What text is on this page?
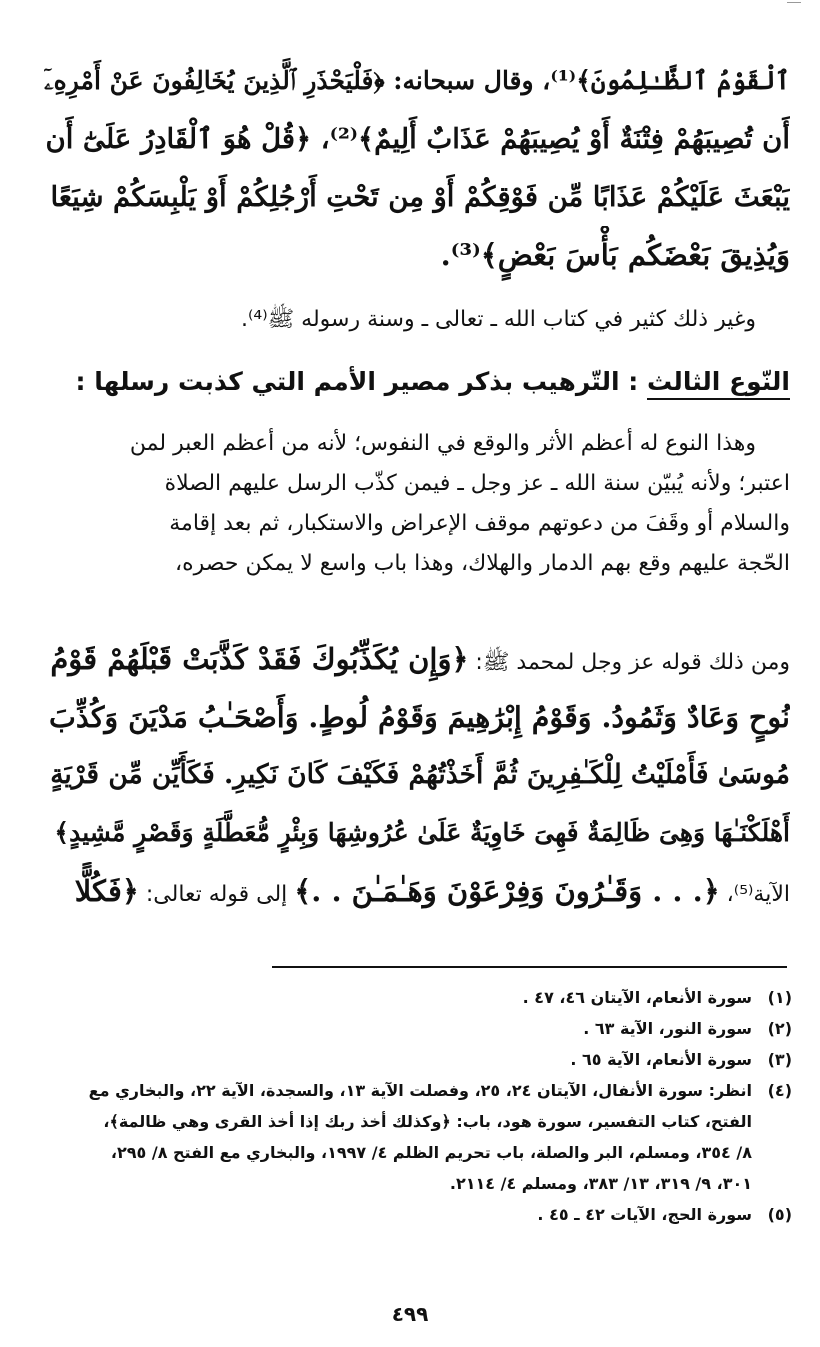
ٱلْقَوْمُ ٱلظَّـٰلِمُونَ﴾⁽¹⁾، وقال سبحانه: ﴿فَلْيَحْذَرِ ٱلَّذِينَ يُخَالِفُونَ عَنْ أَمْرِهِۦٓ

أَن تُصِيبَهُمْ فِتْنَةٌ أَوْ يُصِيبَهُمْ عَذَابٌ أَلِيمٌ﴾⁽²⁾، ﴿قُلْ هُوَ ٱلْقَادِرُ عَلَىٰٓ أَن

يَبْعَثَ عَلَيْكُمْ عَذَابًا مِّن فَوْقِكُمْ أَوْ مِن تَحْتِ أَرْجُلِكُمْ أَوْ يَلْبِسَكُمْ شِيَعًا

وَيُذِيقَ بَعْضَكُم بَأْسَ بَعْضٍ﴾⁽³⁾.

وغير ذلك كثير في كتاب الله ـ تعالى ـ وسنة رسوله ﷺ⁽⁴⁾.

النّوع الثالث : التّرهيب بذكر مصير الأمم التي كذبت رسلها :

وهذا النوع له أعظم الأثر والوقع في النفوس؛ لأنه من أعظم العبر لمن

اعتبر؛ ولأنه يُبيّن سنة الله ـ عز وجل ـ فيمن كذّب الرسل عليهم الصلاة

والسلام أو وقَفَ من دعوتهم موقف الإعراض والاستكبار، ثم بعد إقامة

الحّجة عليهم وقع بهم الدمار والهلاك، وهذا باب واسع لا يمكن حصره،

ومن ذلك قوله عز وجل لمحمد ﷺ: ﴿وَإِن يُكَذِّبُوكَ فَقَدْ كَذَّبَتْ قَبْلَهُمْ قَوْمُ

نُوحٍ وَعَادٌ وَثَمُودُ. وَقَوْمُ إِبْرَٰهِيمَ وَقَوْمُ لُوطٍ. وَأَصْحَـٰبُ مَدْيَنَ وَكُذِّبَ

مُوسَىٰ فَأَمْلَيْتُ لِلْكَـٰفِرِينَ ثُمَّ أَخَذْتُهُمْ فَكَيْفَ كَانَ نَكِيرِ. فَكَأَيِّن مِّن قَرْيَةٍ

أَهْلَكْنَـٰهَا وَهِىَ ظَالِمَةٌ فَهِىَ خَاوِيَةٌ عَلَىٰ عُرُوشِهَا وَبِئْرٍ مُّعَطَّلَةٍ وَقَصْرٍ مَّشِيدٍ﴾

الآية⁽⁵⁾، ﴿. . . وَقَـٰرُونَ وَفِرْعَوْنَ وَهَـٰمَـٰنَ . .﴾ إلى قوله تعالى: ﴿فَكُلًّا

(١)
سورة الأنعام، الآيتان ٤٦، ٤٧ .
(٢)
سورة النور، الآية ٦٣ .
(٣)
سورة الأنعام، الآية ٦٥ .
(٤)
انظر: سورة الأنفال، الآيتان ٢٤، ٢٥، وفصلت الآية ١٣، والسجدة، الآية ٢٢، والبخاري مع
الفتح، كتاب التفسير، سورة هود، باب: ﴿وكذلك أخذ ربك إذا أخذ القرى وهي ظالمة﴾،
٨/ ٣٥٤، ومسلم، البر والصلة، باب تحريم الظلم ٤/ ١٩٩٧، والبخاري مع الفتح ٨/ ٢٩٥،
٣٠١، ٩/ ٣١٩، ١٣/ ٣٨٣، ومسلم ٤/ ٢١١٤.
(٥)
سورة الحج، الآيات ٤٢ ـ ٤٥ .
٤٩٩
